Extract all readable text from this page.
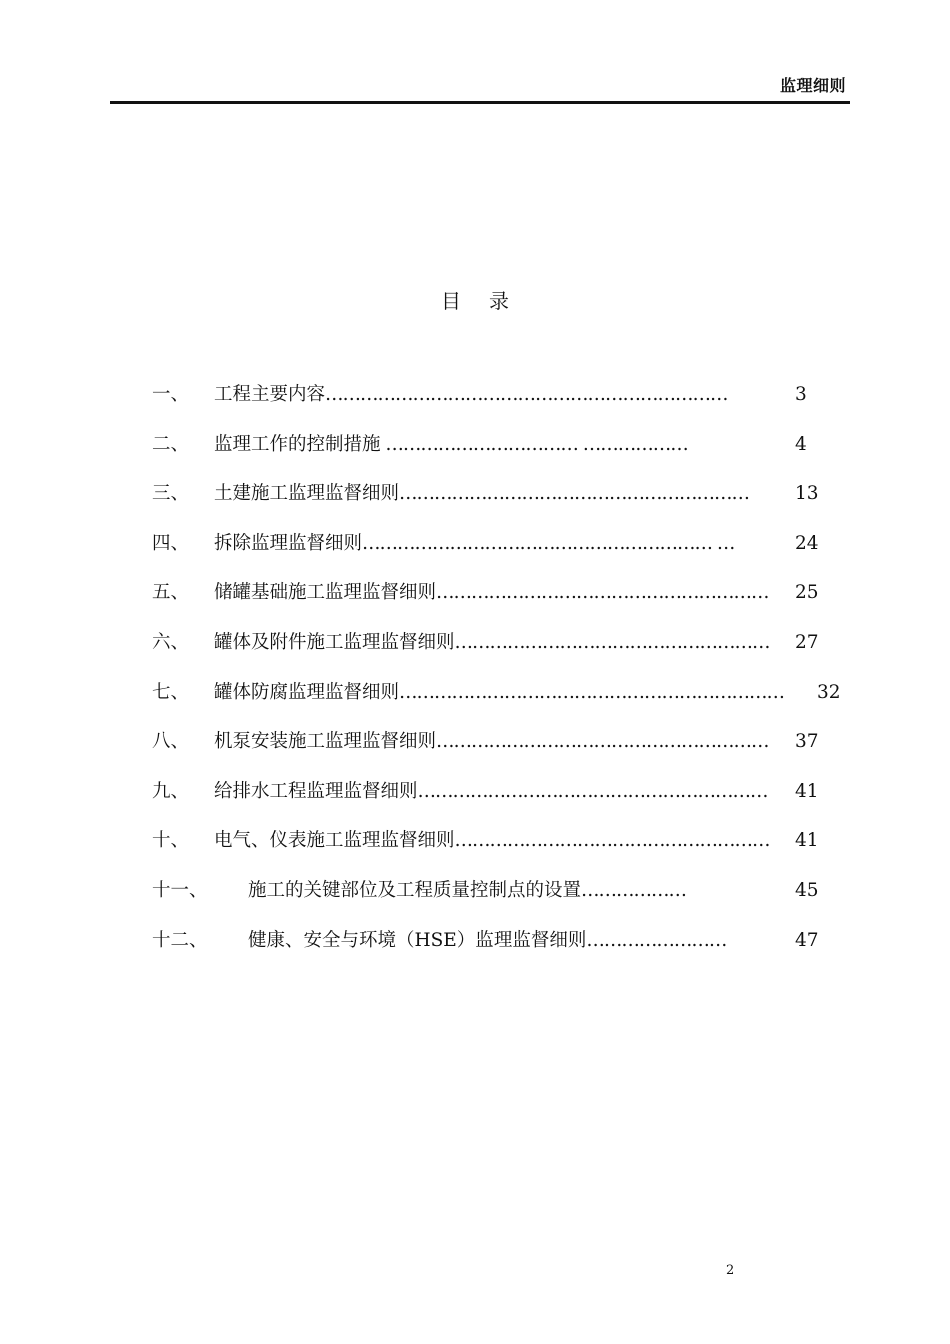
监理细则
目录
一、 工程主要内容……………………………………………………………	3
二、 监理工作的控制措施 …………………………… ………………	4
三、 土建施工监理监督细则…………………………………………………… 13
四、 拆除监理监督细则…………………………………………………… …	24
五、 储罐基础施工监理监督细则………………………………………………… 25
六、 罐体及附件施工监理监督细则……………………………………………… 27
七、 罐体防腐监理监督细则………………………………………………………… 32
八、 机泵安装施工监理监督细则………………………………………………… 37
九、 给排水工程监理监督细则…………………………………………………… 41
十、 电气、仪表施工监理监督细则……………………………………………… 41
十一、 施工的关键部位及工程质量控制点的设置………………	45
十二、 健康、安全与环境（HSE）监理监督细则……………………	47
2
